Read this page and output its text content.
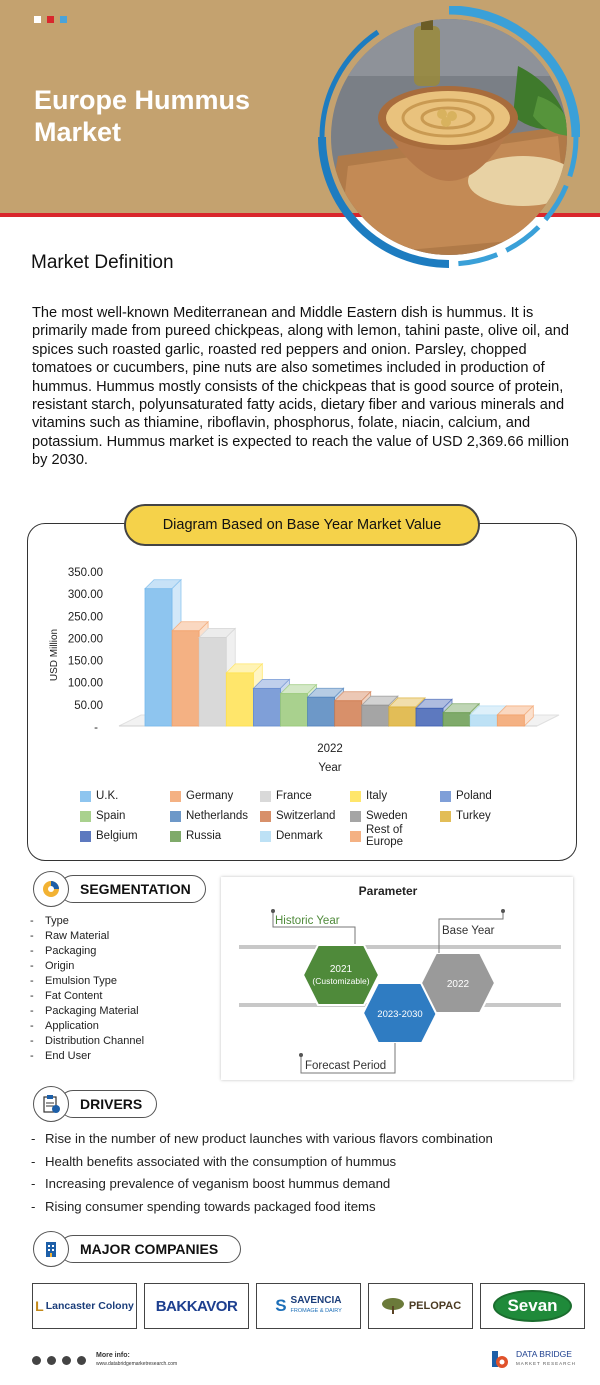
Europe Hummus Market
Market Definition
The most well-known Mediterranean and Middle Eastern dish is hummus. It is primarily made from pureed chickpeas, along with lemon, tahini paste, olive oil, and spices such roasted garlic, roasted red peppers and onion. Parsley, chopped tomatoes or cucumbers, pine nuts are also sometimes included in production of hummus. Hummus mostly consists of the chickpeas that is good source of protein, resistant starch, polyunsaturated fatty acids, dietary fiber and various minerals and vitamins such as thiamine, riboflavin, phosphorus, folate, niacin, calcium, and potassium. Hummus market is expected to reach the value of USD 2,369.66 million by 2030.
Diagram Based on Base Year Market Value
350.00
300.00
250.00
200.00
150.00
100.00
50.00
-
USD Million
2022
Year
U.K.	Germany	France	Italy	Poland
Spain	Netherlands Switzerland	Sweden	Turkey
Belgium	Russia	Denmark	Rest of Europe
SEGMENTATION
- Type
- Raw Material
- Packaging
- Origin
- Emulsion Type
- Fat Content
- Packaging Material
- Application
- Distribution Channel
- End User
Parameter
Historic Year
2021
(Customizable)
2023-2030
Forecast Period
2022
Base Year
DRIVERS
- Rise in the number of new product launches with various flavors combination
- Health benefits associated with the consumption of hummus
- Increasing prevalence of veganism boost hummus demand
- Rising consumer spending towards packaged food items
MAJOR COMPANIES
L Lancaster Colony BAKKAVOR S SAVENCIA
FROMAGE & DAIRY	PELOPAC	Sevan
More info:
www.databridgemarketresearch.com
DATA BRIDGE
MARKET RESEARCH
